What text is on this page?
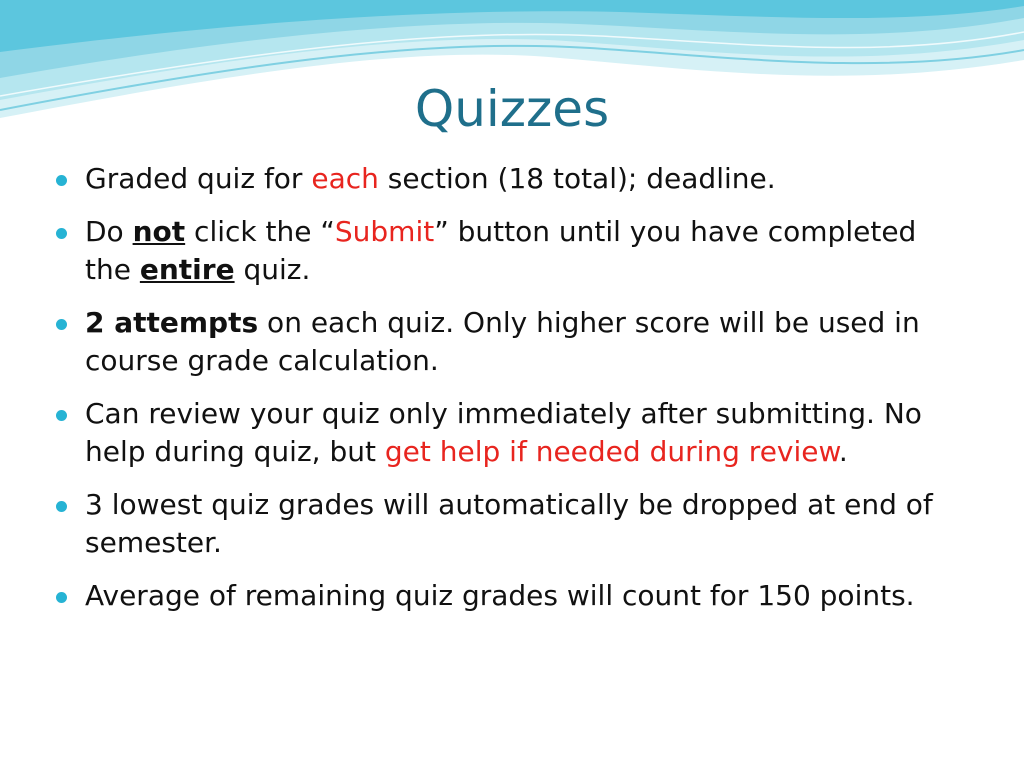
Quizzes
Graded quiz for each section (18 total); deadline.
Do not click the “Submit” button until you have completed the entire quiz.
2 attempts on each quiz. Only higher score will be used in course grade calculation.
Can review your quiz only immediately after submitting. No help during quiz, but get help if needed during review.
3 lowest quiz grades will automatically be dropped at end of semester.
Average of remaining quiz grades will count for 150 points.
